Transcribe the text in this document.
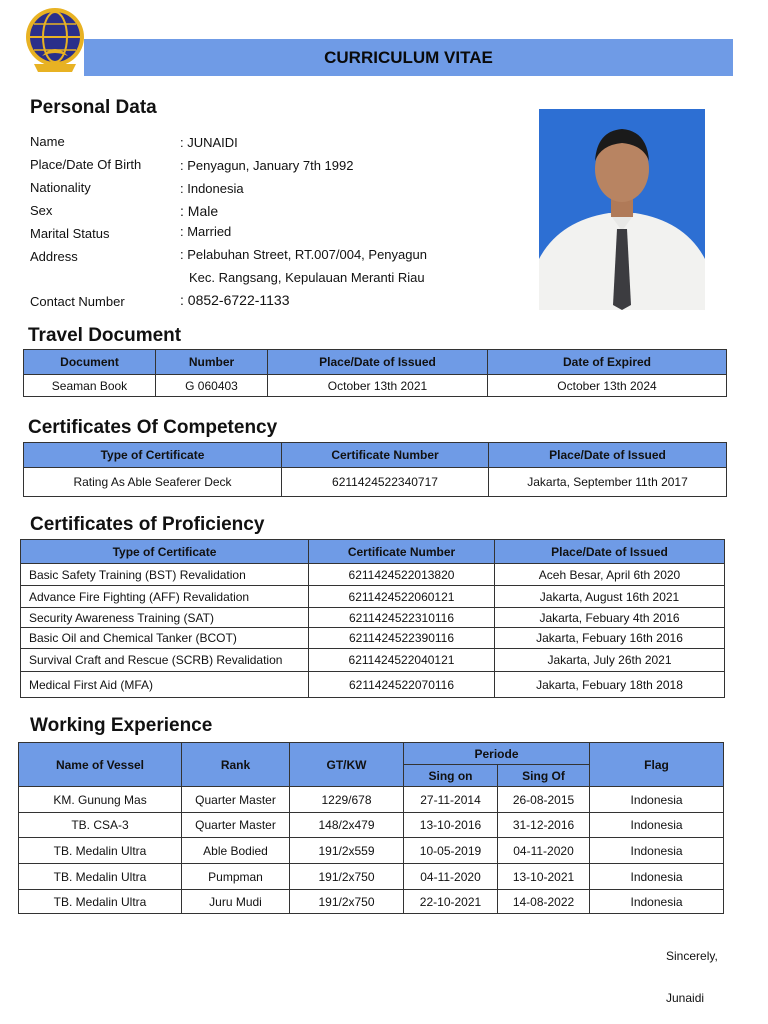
CURRICULUM VITAE
Personal Data
Name	: JUNAIDI
Place/Date Of Birth	: Penyagun, January 7th 1992
Nationality	: Indonesia
Sex	: Male
Marital Status	: Married
Address	: Pelabuhan Street, RT.007/004, Penyagun
Kec. Rangsang, Kepulauan Meranti Riau
Contact Number	: 0852-6722-1133
Travel Document
Document	Number	Place/Date of Issued	Date of Expired
Seaman Book	G 060403	October 13th 2021	October 13th 2024
Certificates Of Competency
Type of Certificate	Certificate Number	Place/Date of Issued
Rating As Able Seaferer Deck	6211424522340717	Jakarta, September 11th 2017
Certificates of Proficiency
Type of Certificate	Certificate Number	Place/Date of Issued
Basic Safety Training (BST) Revalidation	6211424522013820	Aceh Besar, April 6th 2020
Advance Fire Fighting (AFF) Revalidation	6211424522060121	Jakarta, August 16th 2021
Security Awareness Training (SAT)	6211424522310116	Jakarta, Febuary 4th 2016
Basic Oil and Chemical Tanker (BCOT)	6211424522390116	Jakarta, Febuary 16th 2016
Survival Craft and Rescue (SCRB) Revalidation	6211424522040121	Jakarta, July 26th 2021
Medical First Aid (MFA)	6211424522070116	Jakarta, Febuary 18th 2018
Working Experience
Name of Vessel	Rank	GT/KW	Periode		Flag
			Sing on	Sing Of	
KM. Gunung Mas	Quarter Master	1229/678	27-11-2014	26-08-2015	Indonesia
TB. CSA-3	Quarter Master	148/2x479	13-10-2016	31-12-2016	Indonesia
TB. Medalin Ultra	Able Bodied	191/2x559	10-05-2019	04-11-2020	Indonesia
TB. Medalin Ultra	Pumpman	191/2x750	04-11-2020	13-10-2021	Indonesia
TB. Medalin Ultra	Juru Mudi	191/2x750	22-10-2021	14-08-2022	Indonesia
Sincerely,
Junaidi
